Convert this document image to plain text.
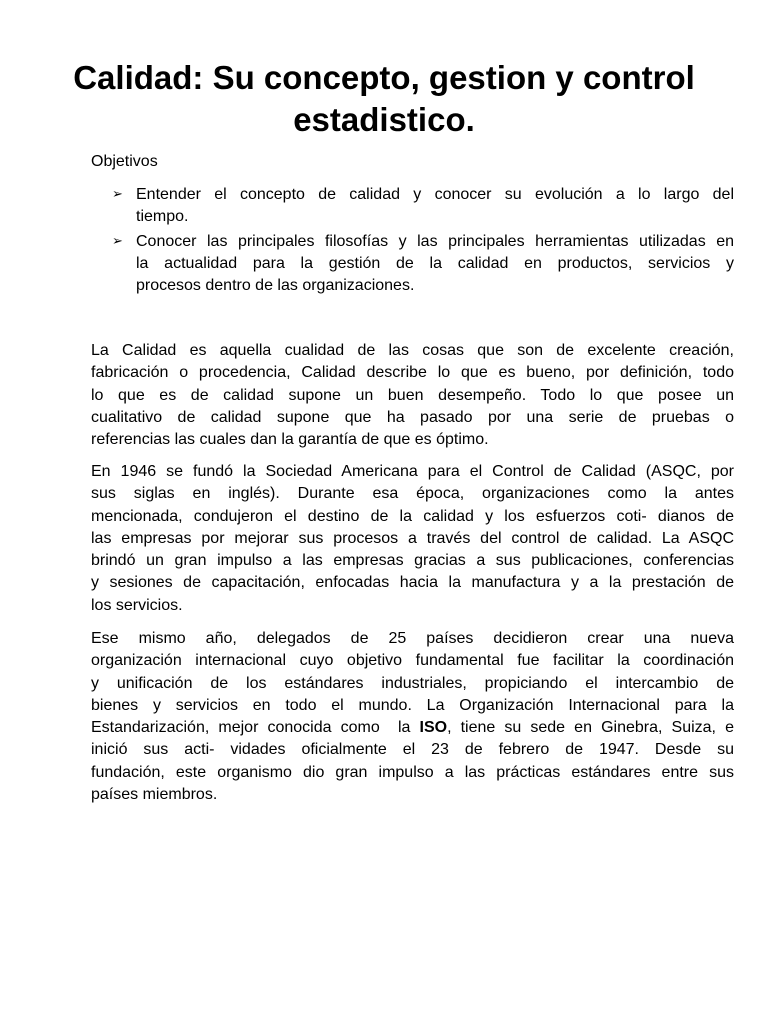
Calidad: Su concepto, gestion y control
estadistico.
Objetivos
➢ Entender el concepto de calidad y conocer su evolución a lo largo del
tiempo.
➢ Conocer las principales filosofías y las principales herramientas utilizadas en
la actualidad para la gestión de la calidad en productos, servicios y
procesos dentro de las organizaciones.
La Calidad es aquella cualidad de las cosas que son de excelente creación,
fabricación o procedencia, Calidad describe lo que es bueno, por definición, todo
lo que es de calidad supone un buen desempeño. Todo lo que posee un
cualitativo de calidad supone que ha pasado por una serie de pruebas o
referencias las cuales dan la garantía de que es óptimo.
En 1946 se fundó la Sociedad Americana para el Control de Calidad (ASQC, por
sus siglas en inglés). Durante esa época, organizaciones como la antes
mencionada, condujeron el destino de la calidad y los esfuerzos coti- dianos de
las empresas por mejorar sus procesos a través del control de calidad. La ASQC
brindó un gran impulso a las empresas gracias a sus publicaciones, conferencias
y sesiones de capacitación, enfocadas hacia la manufactura y a la prestación de
los servicios.
Ese mismo año, delegados de 25 países decidieron crear una nueva
organización internacional cuyo objetivo fundamental fue facilitar la coordinación
y unificación de los estándares industriales, propiciando el intercambio de
bienes y servicios en todo el mundo. La Organización Internacional para la
Estandarización, mejor conocida como  la ISO, tiene su sede en Ginebra, Suiza, e
inició sus acti- vidades oficialmente el 23 de febrero de 1947. Desde su
fundación, este organismo dio gran impulso a las prácticas estándares entre sus
países miembros.
